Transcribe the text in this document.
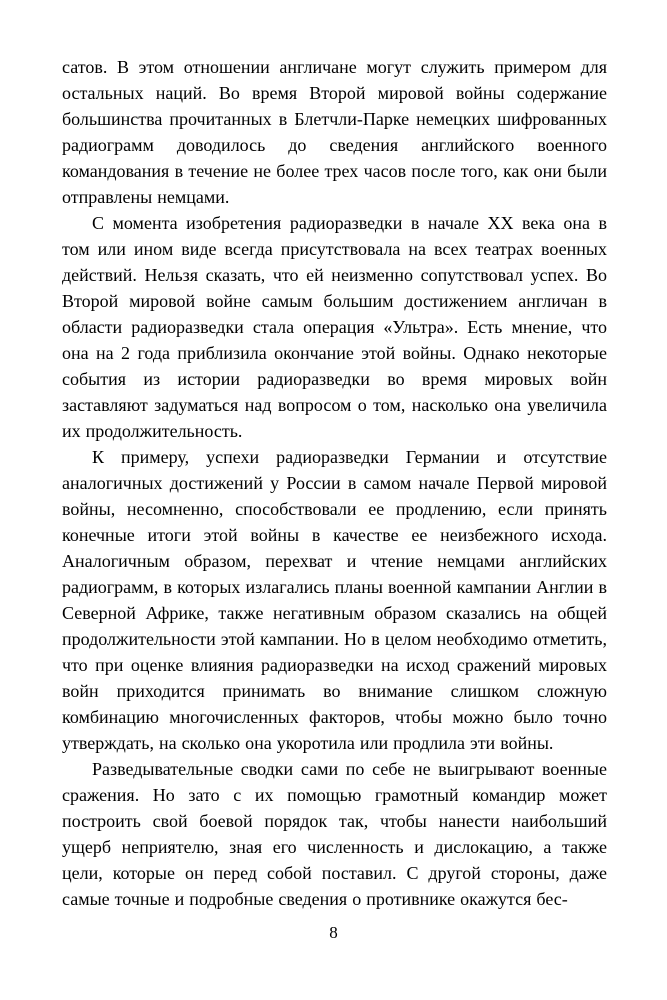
сатов. В этом отношении англичане могут служить примером для остальных наций. Во время Второй мировой войны содержание большинства прочитанных в Блетчли-Парке немецких шифрованных радиограмм доводилось до сведения английского военного командования в течение не более трех часов после того, как они были отправлены немцами.

С момента изобретения радиоразведки в начале XX века она в том или ином виде всегда присутствовала на всех театрах военных действий. Нельзя сказать, что ей неизменно сопутствовал успех. Во Второй мировой войне самым большим достижением англичан в области радиоразведки стала операция «Ультра». Есть мнение, что она на 2 года приблизила окончание этой войны. Однако некоторые события из истории радиоразведки во время мировых войн заставляют задуматься над вопросом о том, насколько она увеличила их продолжительность.

К примеру, успехи радиоразведки Германии и отсутствие аналогичных достижений у России в самом начале Первой мировой войны, несомненно, способствовали ее продлению, если принять конечные итоги этой войны в качестве ее неизбежного исхода. Аналогичным образом, перехват и чтение немцами английских радиограмм, в которых излагались планы военной кампании Англии в Северной Африке, также негативным образом сказались на общей продолжительности этой кампании. Но в целом необходимо отметить, что при оценке влияния радиоразведки на исход сражений мировых войн приходится принимать во внимание слишком сложную комбинацию многочисленных факторов, чтобы можно было точно утверждать, на сколько она укоротила или продлила эти войны.

Разведывательные сводки сами по себе не выигрывают военные сражения. Но зато с их помощью грамотный командир может построить свой боевой порядок так, чтобы нанести наибольший ущерб неприятелю, зная его численность и дислокацию, а также цели, которые он перед собой поставил. С другой стороны, даже самые точные и подробные сведения о противнике окажутся бес-

8
